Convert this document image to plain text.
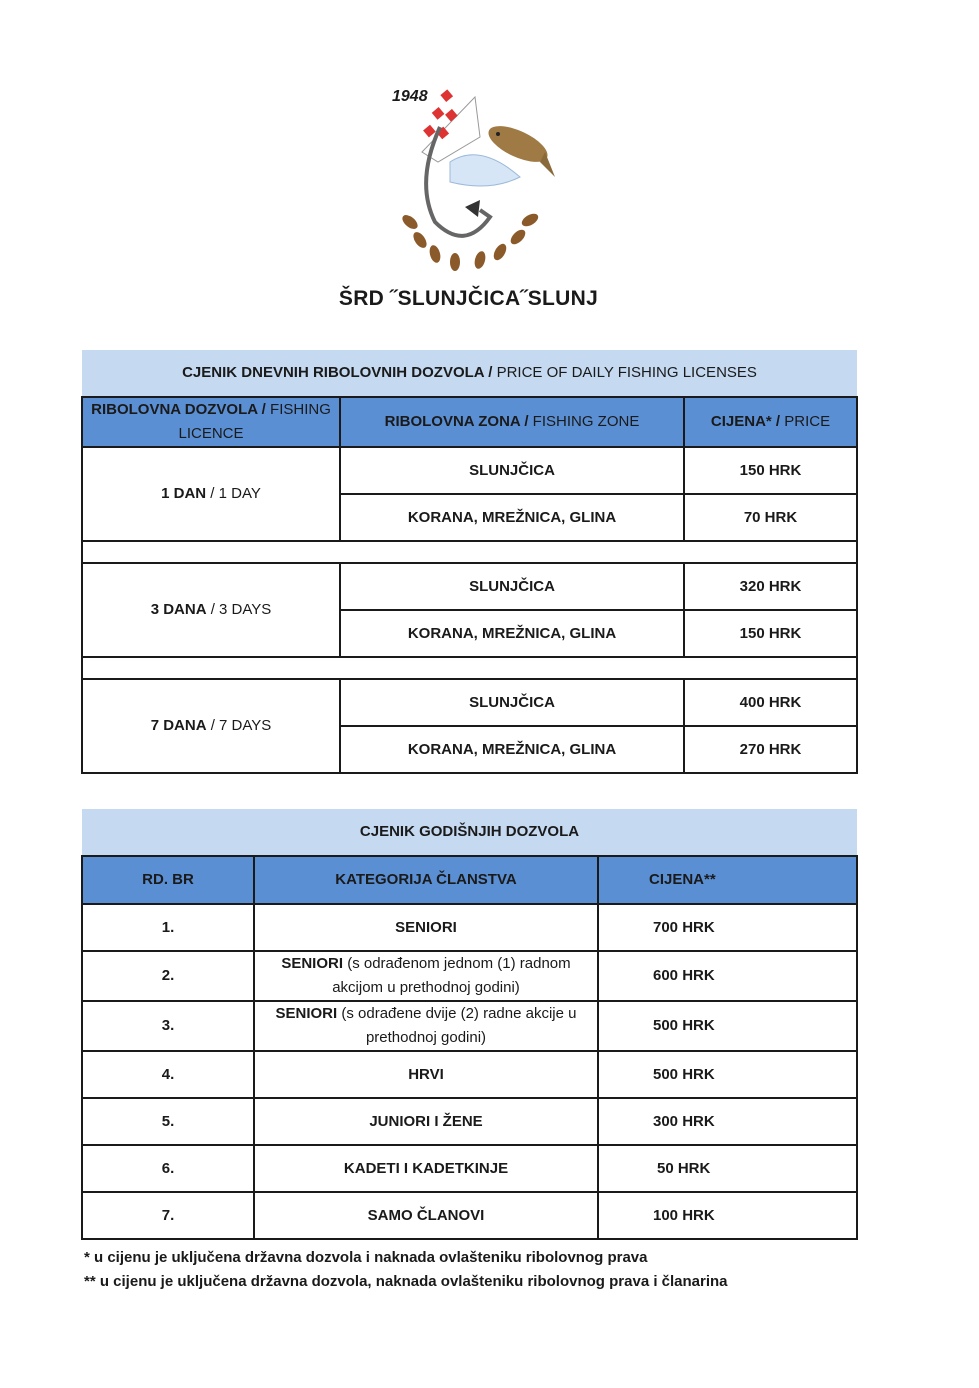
1948
ŠRD ˝SLUNJČICA˝SLUNJ
CJENIK DNEVNIH RIBOLOVNIH DOZVOLA / PRICE OF DAILY FISHING LICENSES		
RIBOLOVNA DOZVOLA / FISHING LICENCE	RIBOLOVNA ZONA / FISHING ZONE	CIJENA* / PRICE
1 DAN / 1 DAY	SLUNJČICA	150 HRK
	KORANA, MREŽNICA, GLINA	70 HRK

3 DANA / 3 DAYS	SLUNJČICA	320 HRK
	KORANA, MREŽNICA, GLINA	150 HRK

7 DANA / 7 DAYS	SLUNJČICA	400 HRK
	KORANA, MREŽNICA, GLINA	270 HRK
CJENIK GODIŠNJIH DOZVOLA		
RD. BR	KATEGORIJA ČLANSTVA	CIJENA**
1.	SENIORI	700 HRK
2.	SENIORI (s odrađenom jednom (1) radnom akcijom u prethodnoj godini)	600 HRK
3.	SENIORI (s odrađene dvije (2) radne akcije u prethodnoj godini)	500 HRK
4.	HRVI	500 HRK
5.	JUNIORI I ŽENE	300 HRK
6.	KADETI I KADETKINJE	50 HRK
7.	SAMO ČLANOVI	100 HRK
* u cijenu je uključena državna dozvola i naknada ovlašteniku ribolovnog prava
** u cijenu je uključena državna dozvola, naknada ovlašteniku ribolovnog prava i članarina
